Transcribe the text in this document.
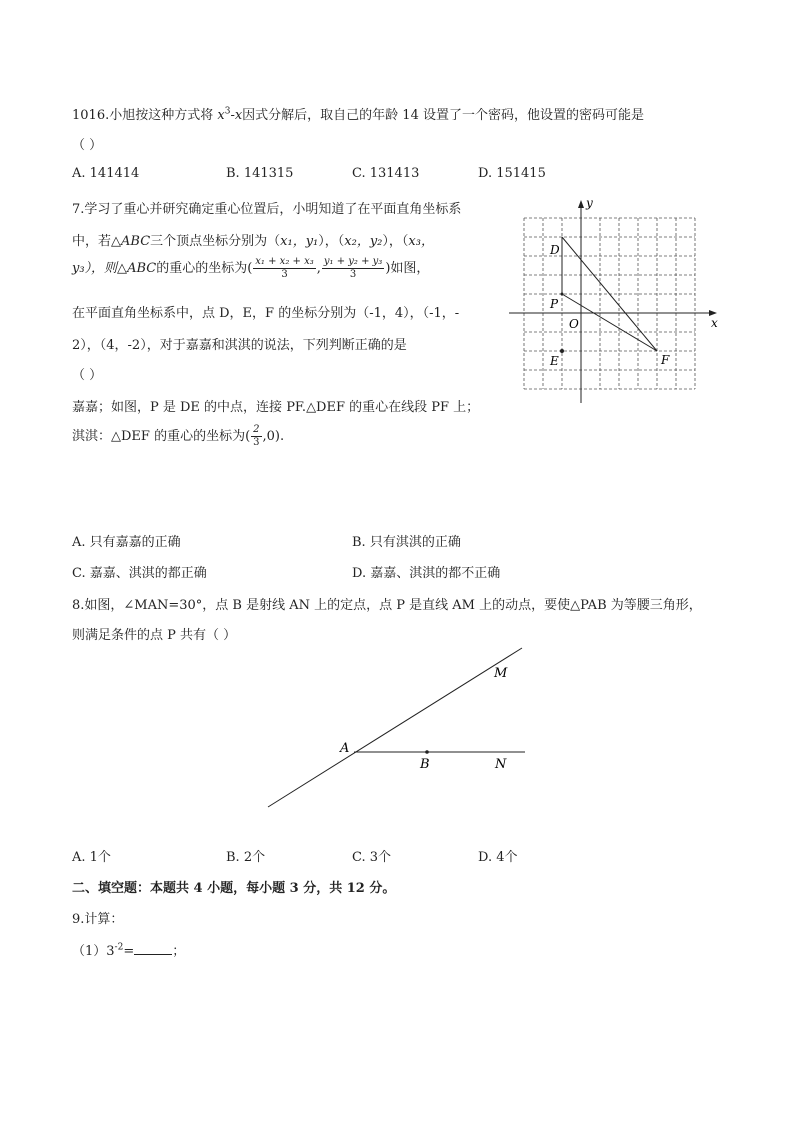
1016.小旭按这种方式将 $x^3-x$因式分解后，取自己的年龄 14 设置了一个密码，他设置的密码可能是
（ ）
A. 141414	B. 141315	C. 131413	D. 151415
7.学习了重心并研究确定重心位置后，小明知道了在平面直角坐标系
中，若△ABC三个顶点坐标分别为（x₁，y₁），（x₂，y₂），（x₃，
y₃），则△ABC的重心的坐标为( $\frac{\text{x₁ + x₂ + x₃}}{3}$ , $\frac{\text{y₁ + y₂ + y₃}}{3}$ )如图，
在平面直角坐标系中，点 D，E，F 的坐标分别为（-1，4），（-1，-
2），（4，-2），对于嘉嘉和淇淇的说法，下列判断正确的是
（ ）
嘉嘉；如图，P 是 DE 的中点，连接 PF.△DEF 的重心在线段 PF 上；
淇淇：△DEF 的重心的坐标为( $\frac{2}{3} ,0$).
y
x
O
D
P
E	F
A. 只有嘉嘉的正确	B. 只有淇淇的正确
C. 嘉嘉、淇淇的都正确	D. 嘉嘉、淇淇的都不正确
8.如图，∠MAN=30°，点 B 是射线 AN 上的定点，点 P 是直线 AM 上的动点，要使△PAB 为等腰三角形，
则满足条件的点 P 共有（ ）
A
B
M
N
A. 1个	B. 2个	C. 3个	D. 4个
二、填空题：本题共 4 小题，每小题 3 分，共 12 分。
9.计算：
$(1)3^{-2}=$	；
